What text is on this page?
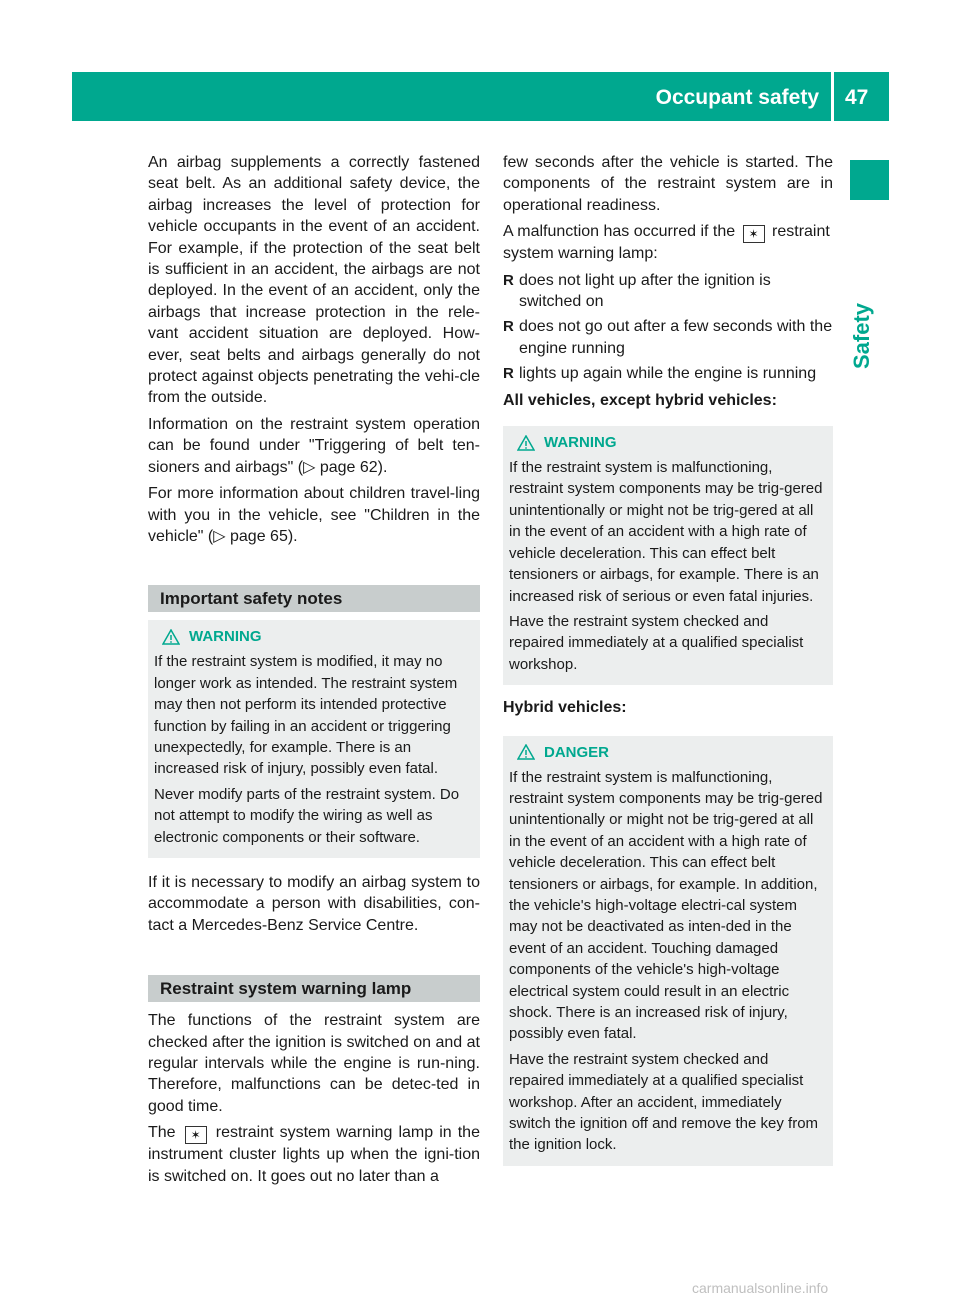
Occupant safety 47
Safety

An airbag supplements a correctly fastened seat belt. As an additional safety device, the airbag increases the level of protection for vehicle occupants in the event of an accident. For example, if the protection of the seat belt is sufficient in an accident, the airbags are not deployed. In the event of an accident, only the airbags that increase protection in the rele-vant accident situation are deployed. How-ever, seat belts and airbags generally do not protect against objects penetrating the vehi-cle from the outside.

Information on the restraint system operation can be found under "Triggering of belt ten-sioners and airbags" (▷ page 62).

For more information about children travel-ling with you in the vehicle, see "Children in the vehicle" (▷ page 65).

Important safety notes
WARNING

If the restraint system is modified, it may no longer work as intended. The restraint system may then not perform its intended protective function by failing in an accident or triggering unexpectedly, for example. There is an increased risk of injury, possibly even fatal.

Never modify parts of the restraint system. Do not attempt to modify the wiring as well as electronic components or their software.

If it is necessary to modify an airbag system to accommodate a person with disabilities, con-tact a Mercedes-Benz Service Centre.

Restraint system warning lamp

The functions of the restraint system are checked after the ignition is switched on and at regular intervals while the engine is run-ning. Therefore, malfunctions can be detec-ted in good time.

The ✶ restraint system warning lamp in the instrument cluster lights up when the igni-tion is switched on. It goes out no later than a

few seconds after the vehicle is started. The components of the restraint system are in operational readiness.

A malfunction has occurred if the ✶ restraint system warning lamp:

R does not light up after the ignition is switched on
R does not go out after a few seconds with the engine running
R lights up again while the engine is running

All vehicles, except hybrid vehicles:

WARNING

If the restraint system is malfunctioning, restraint system components may be trig-gered unintentionally or might not be trig-gered at all in the event of an accident with a high rate of vehicle deceleration. This can effect belt tensioners or airbags, for example. There is an increased risk of serious or even fatal injuries.

Have the restraint system checked and repaired immediately at a qualified specialist workshop.

Hybrid vehicles:

DANGER

If the restraint system is malfunctioning, restraint system components may be trig-gered unintentionally or might not be trig-gered at all in the event of an accident with a high rate of vehicle deceleration. This can effect belt tensioners or airbags, for example. In addition, the vehicle's high-voltage electri-cal system may not be deactivated as inten-ded in the event of an accident. Touching damaged components of the vehicle's high-voltage electrical system could result in an electric shock. There is an increased risk of injury, possibly even fatal.

Have the restraint system checked and repaired immediately at a qualified specialist workshop. After an accident, immediately switch the ignition off and remove the key from the ignition lock.

carmanualsonline.info
